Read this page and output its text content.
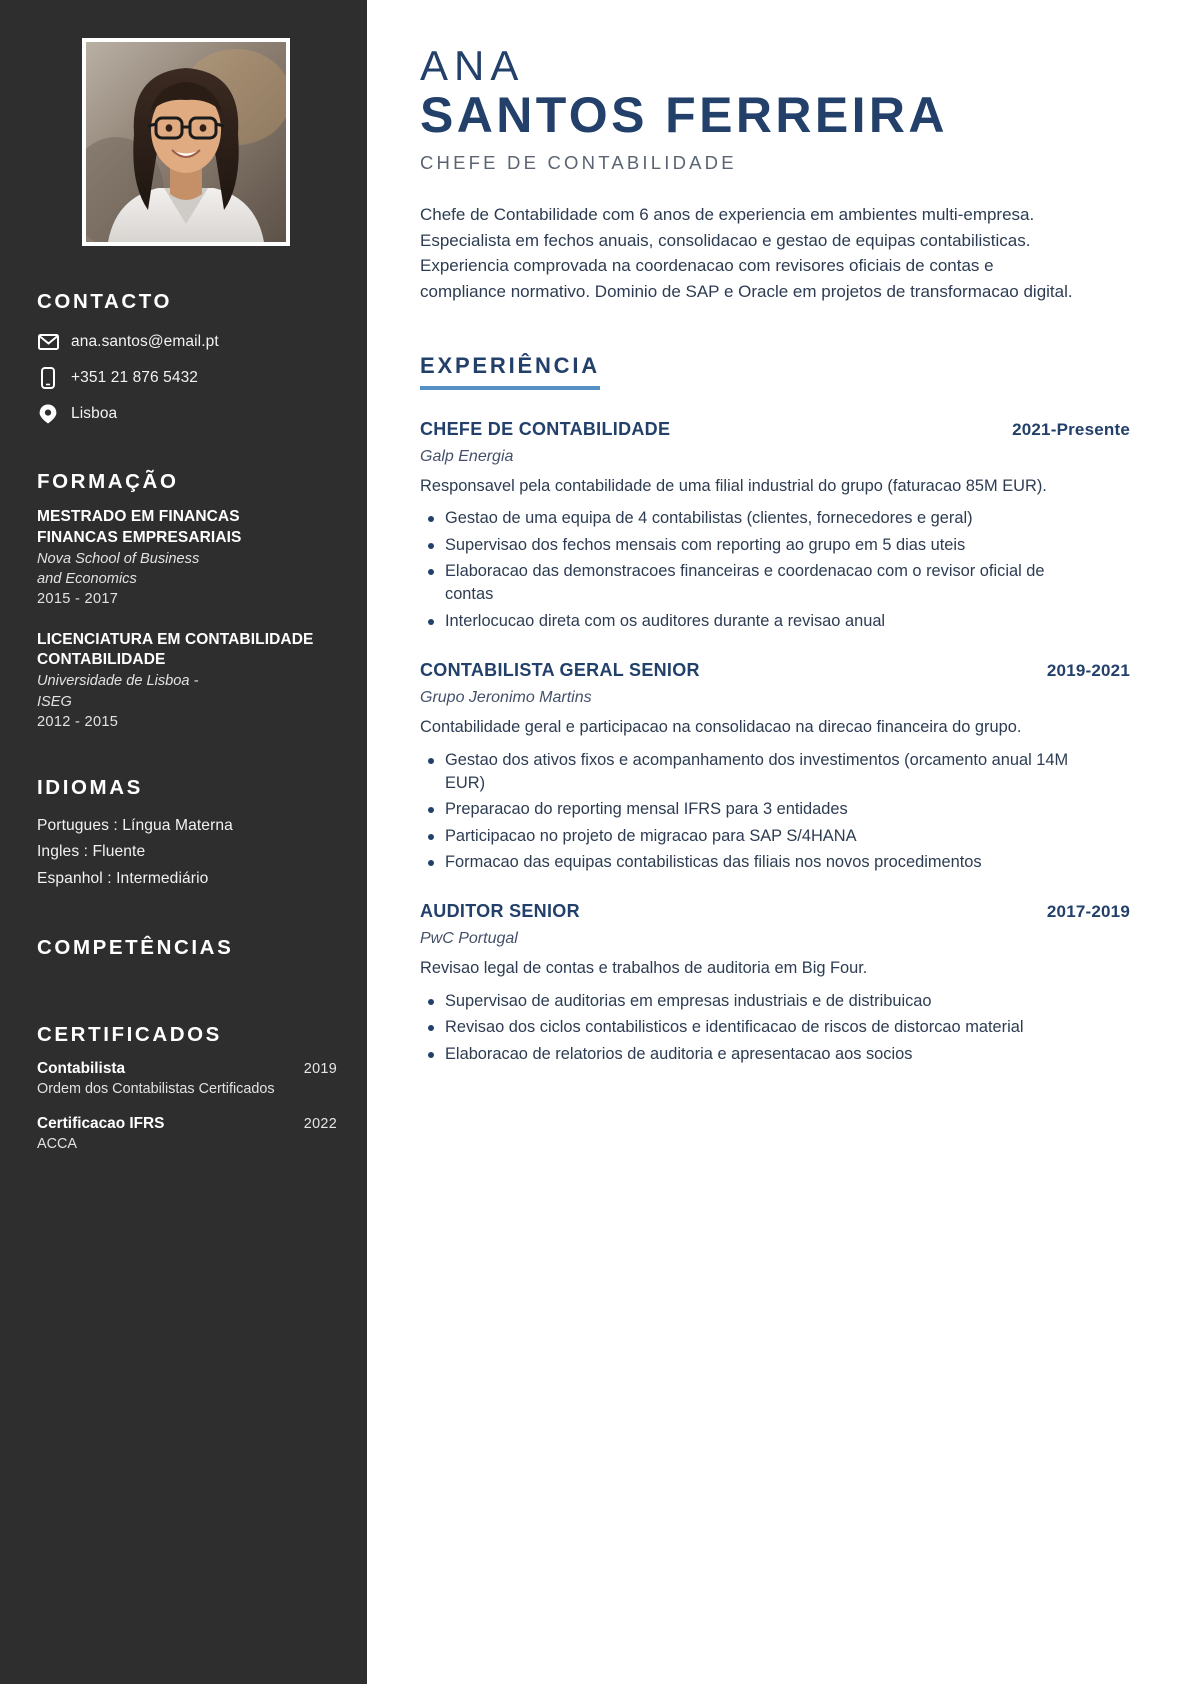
CONTACTO
ana.santos@email.pt
+351 21 876 5432
Lisboa
FORMAÇÃO
MESTRADO EM FINANCAS
FINANCAS EMPRESARIAIS
Nova School of Business
and Economics
2015 - 2017
LICENCIATURA EM CONTABILIDADE
CONTABILIDADE
Universidade de Lisboa -
ISEG
2012 - 2015
IDIOMAS
Portugues : Língua Materna
Ingles : Fluente
Espanhol : Intermediário
COMPETÊNCIAS
CERTIFICADOS
Contabilista	2019
Ordem dos Contabilistas Certificados
Certificacao IFRS	2022
ACCA
ANA
SANTOS FERREIRA
CHEFE DE CONTABILIDADE

Chefe de Contabilidade com 6 anos de experiencia em ambientes multi-empresa. Especialista em fechos anuais, consolidacao e gestao de equipas contabilisticas. Experiencia comprovada na coordenacao com revisores oficiais de contas e compliance normativo. Dominio de SAP e Oracle em projetos de transformacao digital.

EXPERIÊNCIA
CHEFE DE CONTABILIDADE	2021-Presente
Galp Energia
Responsavel pela contabilidade de uma filial industrial do grupo (faturacao 85M EUR).
Gestao de uma equipa de 4 contabilistas (clientes, fornecedores e geral)
Supervisao dos fechos mensais com reporting ao grupo em 5 dias uteis
Elaboracao das demonstracoes financeiras e coordenacao com o revisor oficial de contas
Interlocucao direta com os auditores durante a revisao anual
CONTABILISTA GERAL SENIOR	2019-2021
Grupo Jeronimo Martins
Contabilidade geral e participacao na consolidacao na direcao financeira do grupo.
Gestao dos ativos fixos e acompanhamento dos investimentos (orcamento anual 14M EUR)
Preparacao do reporting mensal IFRS para 3 entidades
Participacao no projeto de migracao para SAP S/4HANA
Formacao das equipas contabilisticas das filiais nos novos procedimentos
AUDITOR SENIOR	2017-2019
PwC Portugal
Revisao legal de contas e trabalhos de auditoria em Big Four.
Supervisao de auditorias em empresas industriais e de distribuicao
Revisao dos ciclos contabilisticos e identificacao de riscos de distorcao material
Elaboracao de relatorios de auditoria e apresentacao aos socios
